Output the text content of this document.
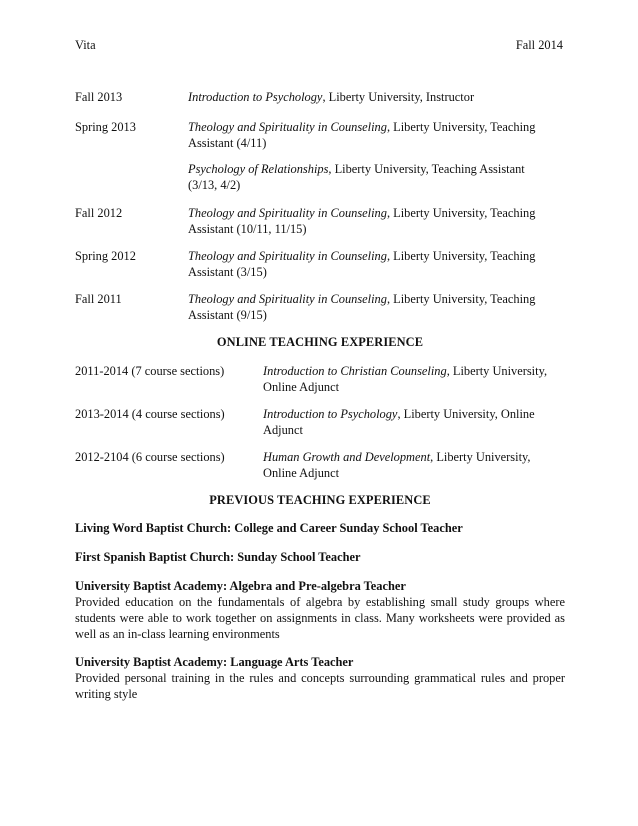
Vita	Fall 2014
Fall 2013	Introduction to Psychology, Liberty University, Instructor
Spring 2013	Theology and Spirituality in Counseling, Liberty University, Teaching
Assistant (4/11)
Psychology of Relationships, Liberty University, Teaching Assistant
(3/13, 4/2)
Fall 2012	Theology and Spirituality in Counseling, Liberty University, Teaching
Assistant (10/11, 11/15)
Spring 2012	Theology and Spirituality in Counseling, Liberty University, Teaching
Assistant (3/15)
Fall 2011	Theology and Spirituality in Counseling, Liberty University, Teaching
Assistant (9/15)
ONLINE TEACHING EXPERIENCE
2011-2014 (7 course sections)	Introduction to Christian Counseling, Liberty University,
Online Adjunct
2013-2014 (4 course sections)	Introduction to Psychology, Liberty University, Online
Adjunct
2012-2104 (6 course sections)	Human Growth and Development, Liberty University,
Online Adjunct
PREVIOUS TEACHING EXPERIENCE
Living Word Baptist Church: College and Career Sunday School Teacher
First Spanish Baptist Church: Sunday School Teacher
University Baptist Academy: Algebra and Pre-algebra Teacher
Provided education on the fundamentals of algebra by establishing small study groups where students were able to work together on assignments in class. Many worksheets were provided as well as an in-class learning environments
University Baptist Academy: Language Arts Teacher
Provided personal training in the rules and concepts surrounding grammatical rules and proper writing style
